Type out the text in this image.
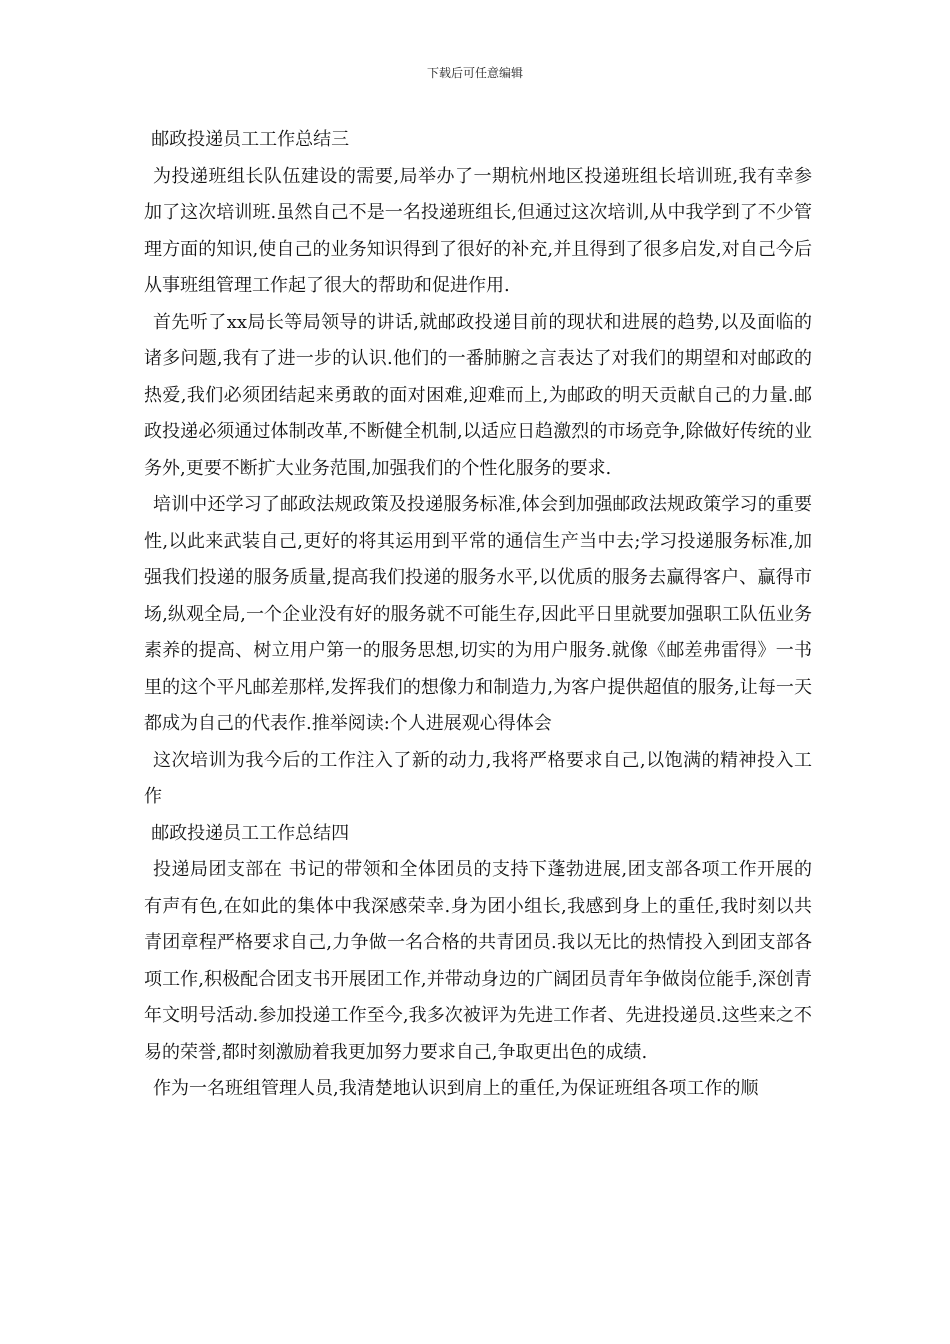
下载后可任意编辑

邮政投递员工工作总结三

为投递班组长队伍建设的需要,局举办了一期杭州地区投递班组长培训班,我有幸参加了这次培训班.虽然自己不是一名投递班组长,但通过这次培训,从中我学到了不少管理方面的知识,使自己的业务知识得到了很好的补充,并且得到了很多启发,对自己今后从事班组管理工作起了很大的帮助和促进作用.

首先听了xx局长等局领导的讲话,就邮政投递目前的现状和进展的趋势,以及面临的诸多问题,我有了进一步的认识.他们的一番肺腑之言表达了对我们的期望和对邮政的热爱,我们必须团结起来勇敢的面对困难,迎难而上,为邮政的明天贡献自己的力量.邮政投递必须通过体制改革,不断健全机制,以适应日趋激烈的市场竞争,除做好传统的业务外,更要不断扩大业务范围,加强我们的个性化服务的要求.

培训中还学习了邮政法规政策及投递服务标准,体会到加强邮政法规政策学习的重要性,以此来武装自己,更好的将其运用到平常的通信生产当中去;学习投递服务标准,加强我们投递的服务质量,提高我们投递的服务水平,以优质的服务去赢得客户、赢得市场,纵观全局,一个企业没有好的服务就不可能生存,因此平日里就要加强职工队伍业务素养的提高、树立用户第一的服务思想,切实的为用户服务.就像《邮差弗雷得》一书里的这个平凡邮差那样,发挥我们的想像力和制造力,为客户提供超值的服务,让每一天都成为自己的代表作.推举阅读:个人进展观心得体会

这次培训为我今后的工作注入了新的动力,我将严格要求自己,以饱满的精神投入工作

邮政投递员工工作总结四

投递局团支部在 书记的带领和全体团员的支持下蓬勃进展,团支部各项工作开展的有声有色,在如此的集体中我深感荣幸.身为团小组长,我感到身上的重任,我时刻以共青团章程严格要求自己,力争做一名合格的共青团员.我以无比的热情投入到团支部各项工作,积极配合团支书开展团工作,并带动身边的广阔团员青年争做岗位能手,深创青年文明号活动.参加投递工作至今,我多次被评为先进工作者、先进投递员.这些来之不易的荣誉,都时刻激励着我更加努力要求自己,争取更出色的成绩.

作为一名班组管理人员,我清楚地认识到肩上的重任,为保证班组各项工作的顺
